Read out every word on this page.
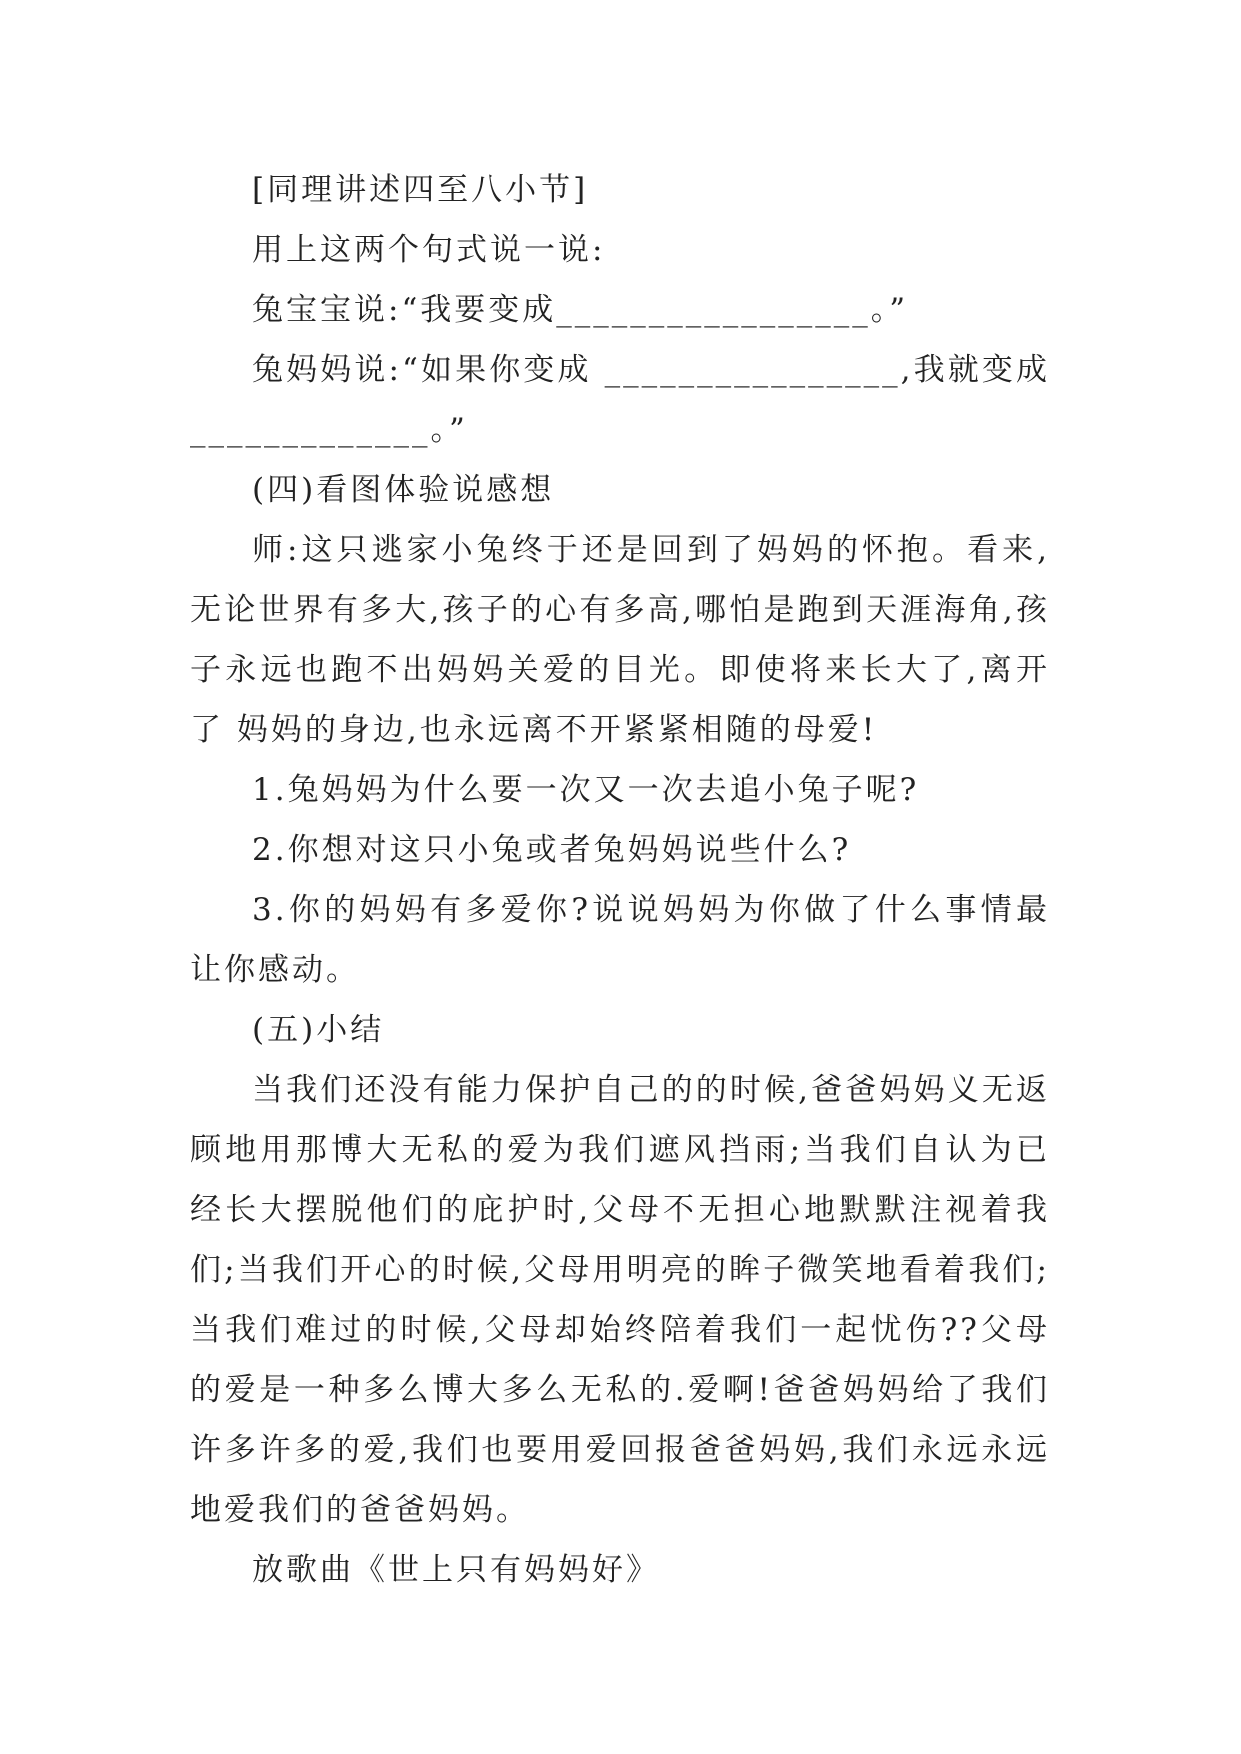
[同理讲述四至八小节]

用上这两个句式说一说:

兔宝宝说:“我要变成_________________。”

兔妈妈说:“如果你变成 ________________,我就变成 _____________。”

(四)看图体验说感想

师:这只逃家小兔终于还是回到了妈妈的怀抱。看来,无论世界有多大,孩子的心有多高,哪怕是跑到天涯海角,孩子永远也跑不出妈妈关爱的目光。即使将来长大了,离开了 妈妈的身边,也永远离不开紧紧相随的母爱!

1.兔妈妈为什么要一次又一次去追小兔子呢?

2.你想对这只小兔或者兔妈妈说些什么?

3.你的妈妈有多爱你?说说妈妈为你做了什么事情最让你感动。

(五)小结

当我们还没有能力保护自己的的时候,爸爸妈妈义无返顾地用那博大无私的爱为我们遮风挡雨;当我们自认为已经长大摆脱他们的庇护时,父母不无担心地默默注视着我们;当我们开心的时候,父母用明亮的眸子微笑地看着我们;当我们难过的时候,父母却始终陪着我们一起忧伤??父母的爱是一种多么博大多么无私的.爱啊!爸爸妈妈给了我们许多许多的爱,我们也要用爱回报爸爸妈妈,我们永远永远地爱我们的爸爸妈妈。

放歌曲《世上只有妈妈好》
